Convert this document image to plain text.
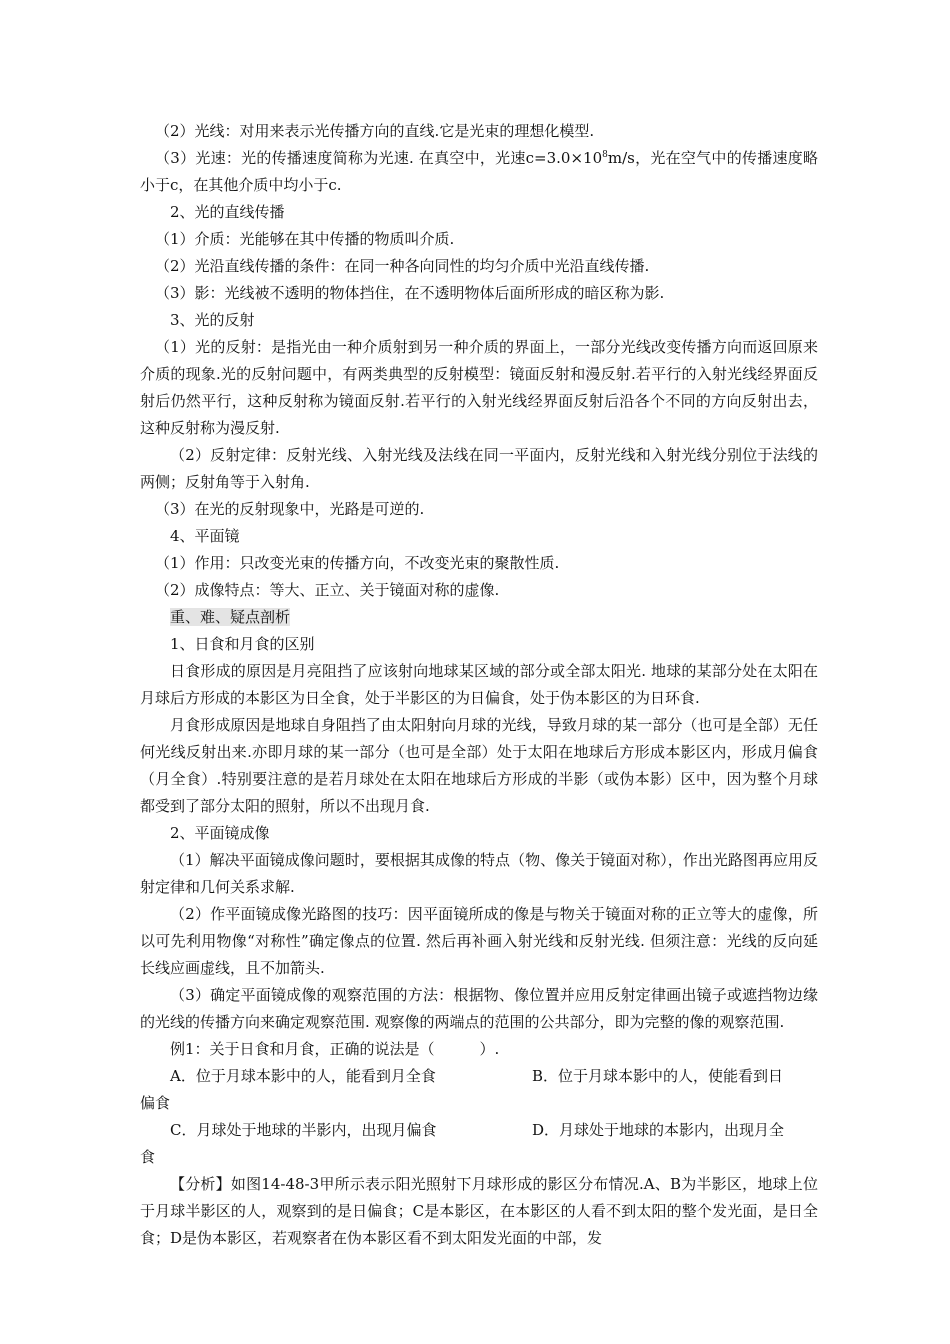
（2）光线：对用来表示光传播方向的直线.它是光束的理想化模型.

（3）光速：光的传播速度简称为光速. 在真空中，光速$c=3.0\times 10^8m/s$，光在空气中的传播速度略小于c，在其他介质中均小于c.

2、光的直线传播

（1）介质：光能够在其中传播的物质叫介质.

（2）光沿直线传播的条件：在同一种各向同性的均匀介质中光沿直线传播.

（3）影：光线被不透明的物体挡住，在不透明物体后面所形成的暗区称为影.

3、光的反射

（1）光的反射：是指光由一种介质射到另一种介质的界面上，一部分光线改变传播方向而返回原来介质的现象.光的反射问题中，有两类典型的反射模型：镜面反射和漫反射.若平行的入射光线经界面反射后仍然平行，这种反射称为镜面反射.若平行的入射光线经界面反射后沿各个不同的方向反射出去，这种反射称为漫反射.

（2）反射定律：反射光线、入射光线及法线在同一平面内，反射光线和入射光线分别位于法线的两侧；反射角等于入射角.

（3）在光的反射现象中，光路是可逆的.

4、平面镜

（1）作用：只改变光束的传播方向，不改变光束的聚散性质.

（2）成像特点：等大、正立、关于镜面对称的虚像.

重、难、疑点剖析

1、日食和月食的区别

日食形成的原因是月亮阻挡了应该射向地球某区域的部分或全部太阳光. 地球的某部分处在太阳在月球后方形成的本影区为日全食，处于半影区的为日偏食，处于伪本影区的为日环食.

月食形成原因是地球自身阻挡了由太阳射向月球的光线，导致月球的某一部分（也可是全部）无任何光线反射出来.亦即月球的某一部分（也可是全部）处于太阳在地球后方形成本影区内，形成月偏食（月全食）.特别要注意的是若月球处在太阳在地球后方形成的半影（或伪本影）区中，因为整个月球都受到了部分太阳的照射，所以不出现月食.

2、平面镜成像

（1）解决平面镜成像问题时，要根据其成像的特点（物、像关于镜面对称），作出光路图再应用反射定律和几何关系求解.

（2）作平面镜成像光路图的技巧：因平面镜所成的像是与物关于镜面对称的正立等大的虚像，所以可先利用物像“对称性”确定像点的位置. 然后再补画入射光线和反射光线. 但须注意：光线的反向延长线应画虚线，且不加箭头.

（3）确定平面镜成像的观察范围的方法：根据物、像位置并应用反射定律画出镜子或遮挡物边缘的光线的传播方向来确定观察范围. 观察像的两端点的范围的公共部分，即为完整的像的观察范围.

例1：关于日食和月食，正确的说法是（　　　）.

A．位于月球本影中的人，能看到月全食	B．位于月球本影中的人，使能看到日

偏食

C．月球处于地球的半影内，出现月偏食	D．月球处于地球的本影内，出现月全

食

【分析】如图14-48-3甲所示表示阳光照射下月球形成的影区分布情况.A、B为半影区，地球上位于月球半影区的人，观察到的是日偏食；C是本影区，在本影区的人看不到太阳的整个发光面，是日全食；D是伪本影区，若观察者在伪本影区看不到太阳发光面的中部，发
